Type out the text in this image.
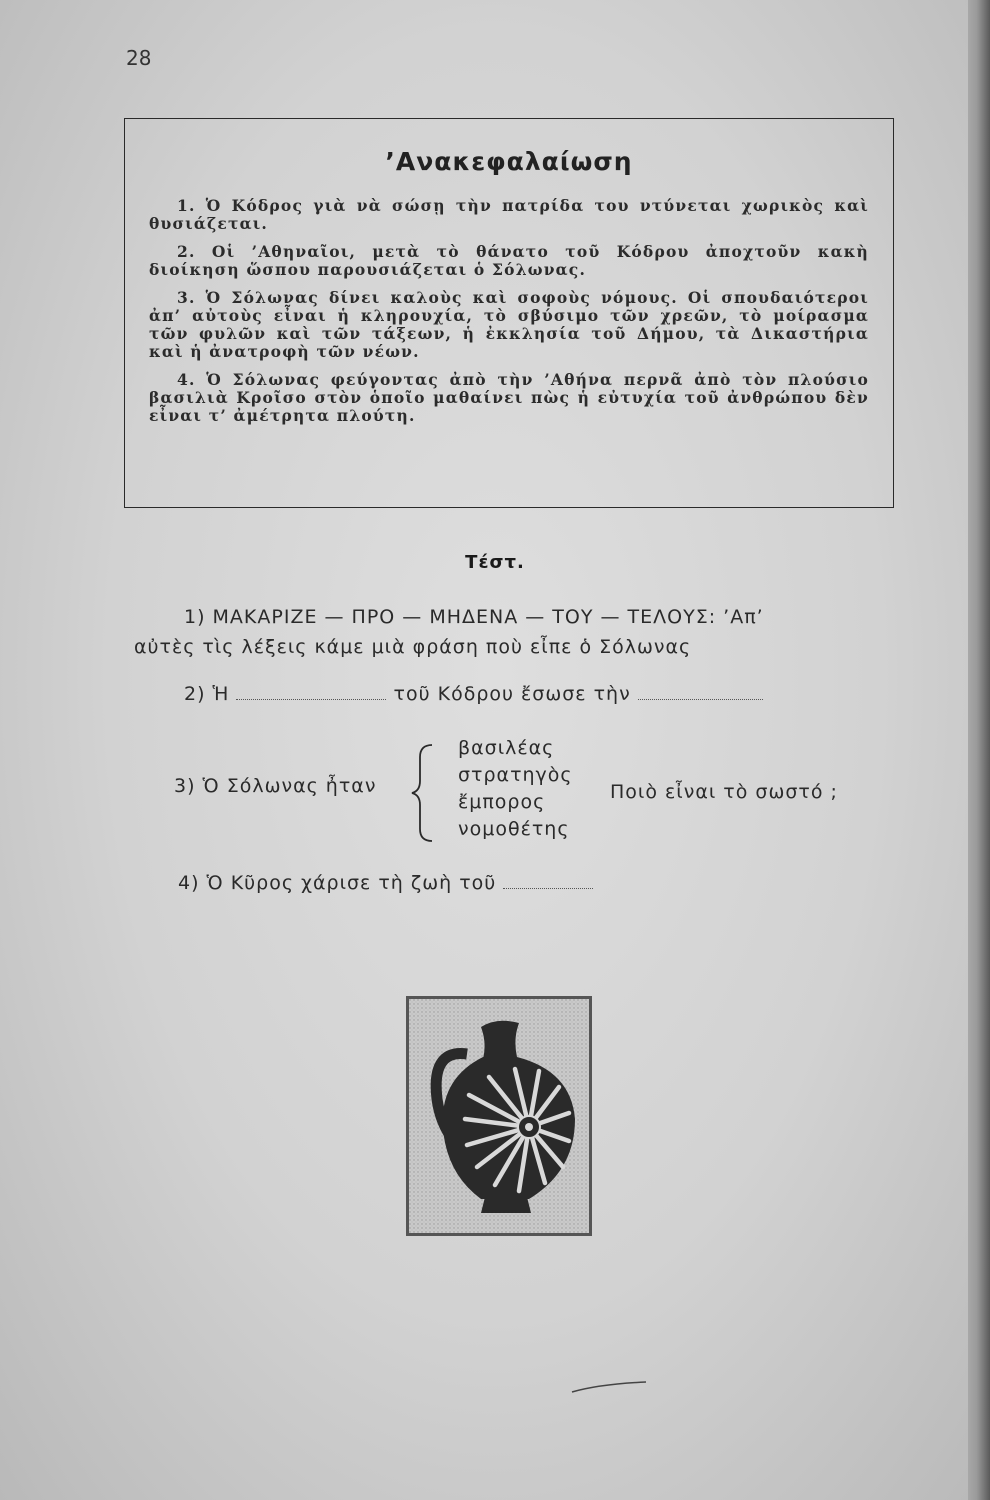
28
’Ανακεφαλαίωση

1. Ὁ Κόδρος γιὰ νὰ σώσῃ τὴν πατρίδα του ντύνεται χωρικὸς καὶ θυσιάζεται.

2. Οἱ ’Αθηναῖοι, μετὰ τὸ θάνατο τοῦ Κόδρου ἀποχτοῦν κακὴ διοίκηση ὥσπου παρουσιάζεται ὁ Σόλωνας.

3. Ὁ Σόλωνας δίνει καλοὺς καὶ σοφοὺς νόμους. Οἱ σπουδαιότεροι ἀπ’ αὐτοὺς εἶναι ἡ κληρουχία, τὸ σβύσιμο τῶν χρεῶν, τὸ μοίρασμα τῶν φυλῶν καὶ τῶν τάξεων, ἡ ἐκκλησία τοῦ Δήμου, τὰ Δικαστήρια καὶ ἡ ἀνατροφὴ τῶν νέων.

4. Ὁ Σόλωνας φεύγοντας ἀπὸ τὴν ’Αθήνα περνᾶ ἀπὸ τὸν πλούσιο βασιλιὰ Κροῖσο στὸν ὁποῖο μαθαίνει πὼς ἡ εὐτυχία τοῦ ἀνθρώπου δὲν εἶναι τ’ ἀμέτρητα πλούτη.

Τέστ.
1) ΜΑΚΑΡΙΖΕ — ΠΡΟ — ΜΗΔΕΝΑ — ΤΟΥ — ΤΕΛΟΥΣ: ’Απ’
αὐτὲς τὶς λέξεις κάμε μιὰ φράση ποὺ εἶπε ὁ Σόλωνας
2) Ἡ	τοῦ Κόδρου ἔσωσε τὴν
3) Ὁ Σόλωνας ἦταν
βασιλέας
στρατηγὸς
ἔμπορος
νομοθέτης
Ποιὸ εἶναι τὸ σωστό ;
4) Ὁ Κῦρος χάρισε τὴ ζωὴ τοῦ
